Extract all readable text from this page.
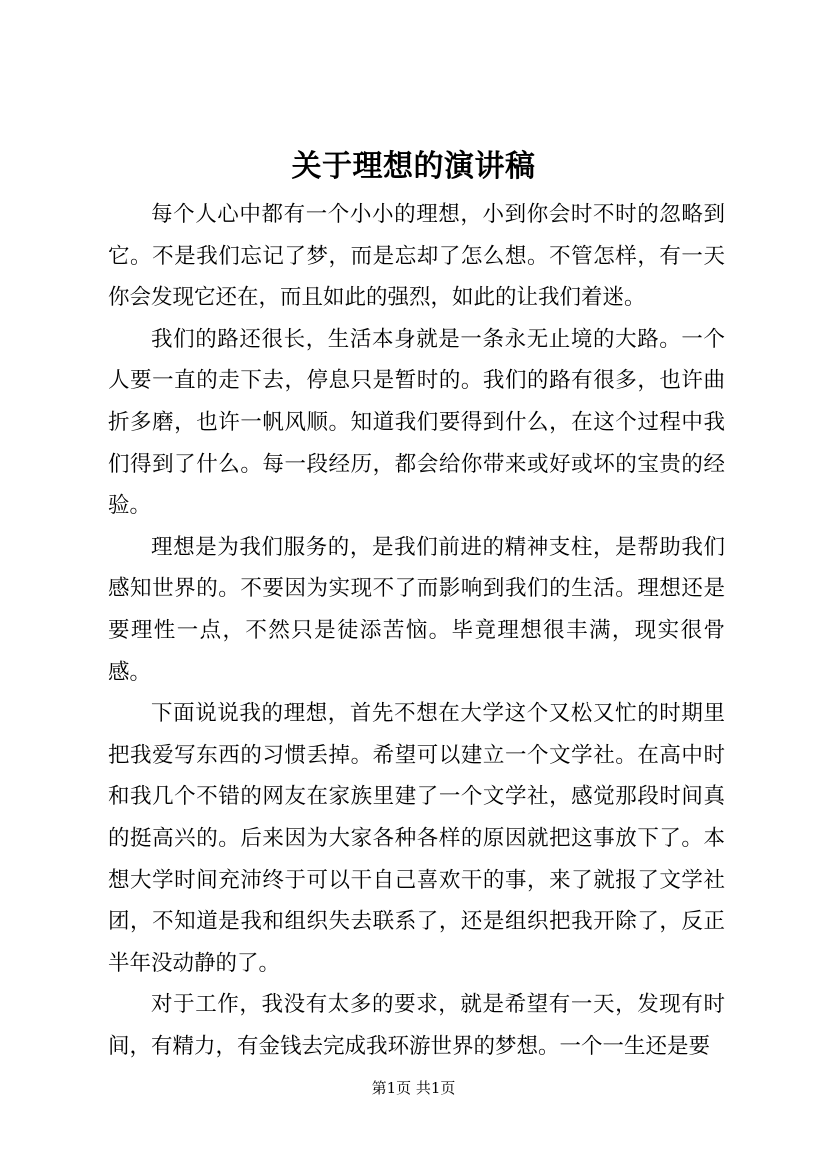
关于理想的演讲稿

每个人心中都有一个小小的理想，小到你会时不时的忽略到它。不是我们忘记了梦，而是忘却了怎么想。不管怎样，有一天你会发现它还在，而且如此的强烈，如此的让我们着迷。

我们的路还很长，生活本身就是一条永无止境的大路。一个人要一直的走下去，停息只是暂时的。我们的路有很多，也许曲折多磨，也许一帆风顺。知道我们要得到什么，在这个过程中我们得到了什么。每一段经历，都会给你带来或好或坏的宝贵的经验。

理想是为我们服务的，是我们前进的精神支柱，是帮助我们感知世界的。不要因为实现不了而影响到我们的生活。理想还是要理性一点，不然只是徒添苦恼。毕竟理想很丰满，现实很骨感。

下面说说我的理想，首先不想在大学这个又松又忙的时期里把我爱写东西的习惯丢掉。希望可以建立一个文学社。在高中时和我几个不错的网友在家族里建了一个文学社，感觉那段时间真的挺高兴的。后来因为大家各种各样的原因就把这事放下了。本想大学时间充沛终于可以干自己喜欢干的事，来了就报了文学社团，不知道是我和组织失去联系了，还是组织把我开除了，反正半年没动静的了。

对于工作，我没有太多的要求，就是希望有一天，发现有时间，有精力，有金钱去完成我环游世界的梦想。一个一生还是要

第1页 共1页
